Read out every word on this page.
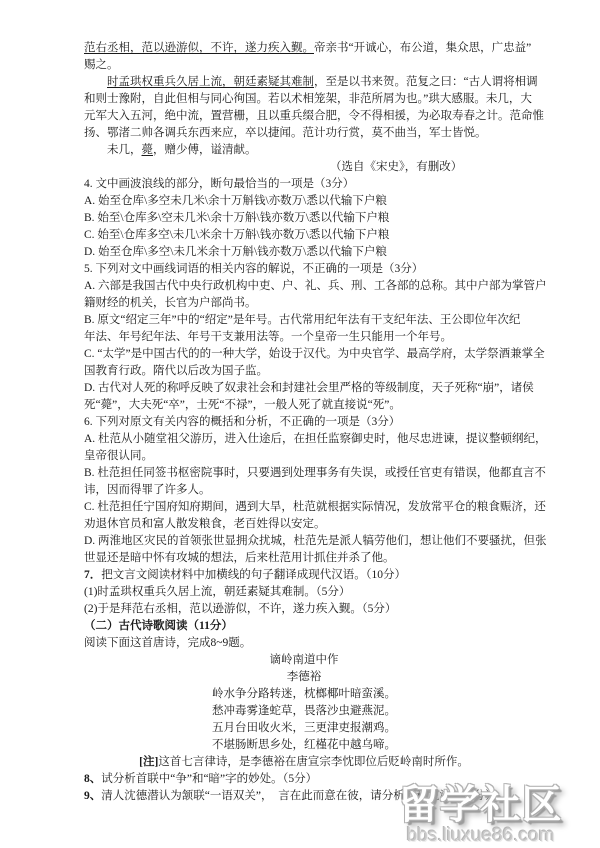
范右丞相，范以逊游似，不许，遂力疾入觐。帝亲书“开诚心，布公道，集众思，广忠益”
赐之。
时孟珙权重兵久居上流，朝廷素疑其难制，至是以书来贺。范复之曰：“古人谓将相调
和则士豫附，自此但相与同心徇国。若以术相笼架，非范所屑为也。”珙大感服。未几，大
元军大入五河，绝中流，置营栅，且以重兵缀合肥，令不得相援，为必取寿春之计。范命惟
扬、鄂渚二帅各调兵东西来应，卒以捷闻。范计功行赏，莫不曲当，军士皆悦。
未几，薨，赠少傅，谥清献。
（选自《宋史》，有删改）
4. 文中画波浪线的部分，断句最恰当的一项是（3分）
A. 始至仓库\多空未几米\余十万斛钱\亦数万\悉以代输下户粮
B. 始至\仓库多\空未几米\余十万斛\钱亦数万\悉以代输下户粮
C. 始至\仓库多空\未几\米余十万斛\钱亦数万\悉以代输下户粮
D. 始至仓库\多空\未几米余十万斛\钱亦数万\悉以代输下户粮
5. 下列对文中画线词语的相关内容的解说，不正确的一项是（3分）
A. 六部是我国古代中央行政机构中吏、户、礼、兵、刑、工各部的总称。其中户部为掌管户
籍财经的机关，长官为户部尚书。
B. 原文“绍定三年”中的“绍定”是年号。古代常用纪年法有干支纪年法、王公即位年次纪
年法、年号纪年法、年号干支兼用法等。一个皇帝一生只能用一个年号。
C. “太学”是中国古代的的一种大学，始设于汉代。为中央官学、最高学府，太学祭酒兼掌全
国教育行政。隋代以后改为国子监。
D. 古代对人死的称呼反映了奴隶社会和封建社会里严格的等级制度，天子死称“崩”，诸侯
死“薨”，大夫死“卒”，士死“不禄”，一般人死了就直接说“死”。
6. 下列对原文有关内容的概括和分析，不正确的一项是（3分）
A. 杜范从小随堂祖父游历，进入仕途后，在担任监察御史时，他尽忠进谏，提议整顿纲纪，
皇帝很认同。
B. 杜范担任同签书枢密院事时，只要遇到处理事务有失误，或授任官吏有错误，他都直言不
讳，因而得罪了许多人。
C. 杜范担任宁国府知府期间，遇到大旱，杜范就根据实际情况，发放常平仓的粮食赈济，还
劝退休官员和富人散发粮食，老百姓得以安定。
D. 两淮地区灾民的首领张世显拥众扰城，杜范先是派人犒劳他们，想让他们不要骚扰，但张
世显还是暗中怀有攻城的想法，后来杜范用计抓住并杀了他。
7．把文言文阅读材料中加横线的句子翻译成现代汉语。（10分）
(1)时孟珙权重兵久居上流，朝廷素疑其难制。（5分）
(2)于是拜范右丞相，范以逊游似，不许，遂力疾入觐。（5分）
（二）古代诗歌阅读（11分）
阅读下面这首唐诗，完成8~9题。
谪岭南道中作
李德裕
岭水争分路转迷，枕榔椰叶暗蛮溪。
愁冲毒雾逢蛇草，畏落沙虫避燕泥。
五月台田收火米，三更津吏报潮鸡。
不堪肠断思乡处，红槿花中越乌啼。
[注]这首七言律诗，是李德裕在唐宣宗李忱即位后贬岭南时所作。
8、试分析首联中“争”和“暗”字的妙处。（5分）
9、清人沈德潜认为颔联“一语双关”，　言在此而意在彼，请分析这种说法。（6分）
留学社区
bbs.liuxue86.com
